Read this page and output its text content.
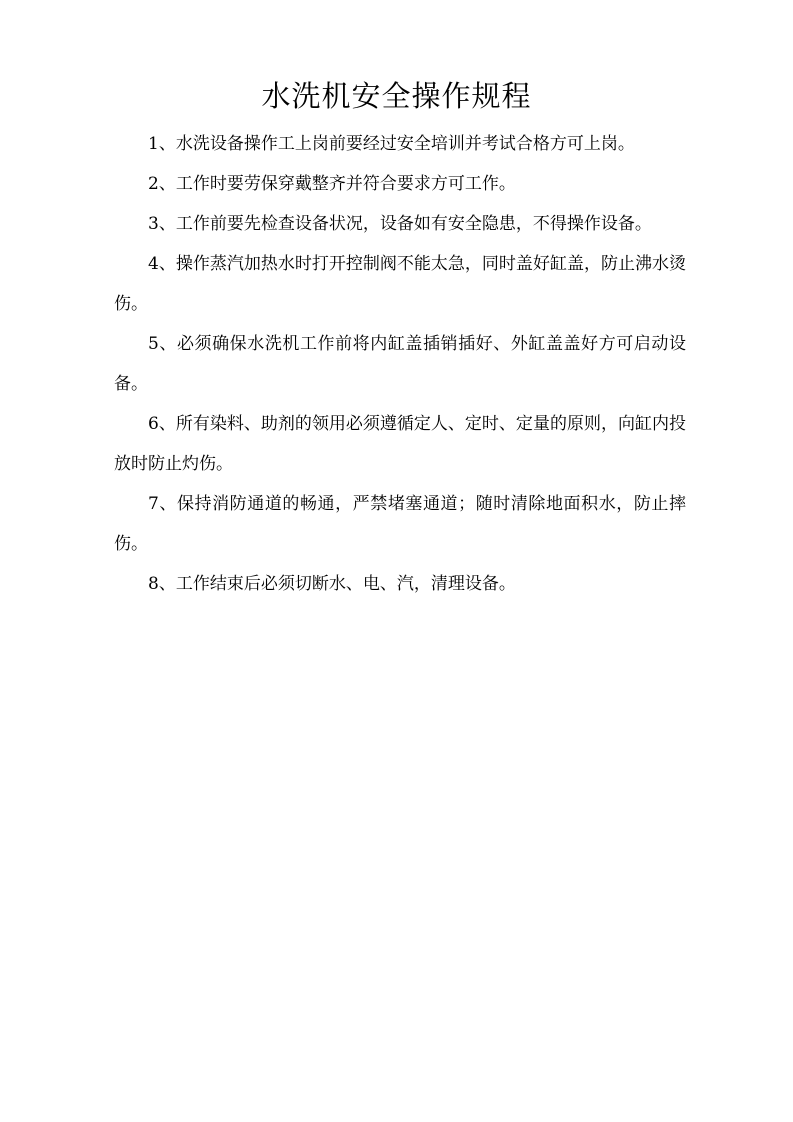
水洗机安全操作规程

1、水洗设备操作工上岗前要经过安全培训并考试合格方可上岗。

2、工作时要劳保穿戴整齐并符合要求方可工作。

3、工作前要先检查设备状况，设备如有安全隐患，不得操作设备。

4、操作蒸汽加热水时打开控制阀不能太急，同时盖好缸盖，防止沸水烫伤。

5、必须确保水洗机工作前将内缸盖插销插好、外缸盖盖好方可启动设备。

6、所有染料、助剂的领用必须遵循定人、定时、定量的原则，向缸内投放时防止灼伤。

7、保持消防通道的畅通，严禁堵塞通道；随时清除地面积水，防止摔伤。

8、工作结束后必须切断水、电、汽，清理设备。
